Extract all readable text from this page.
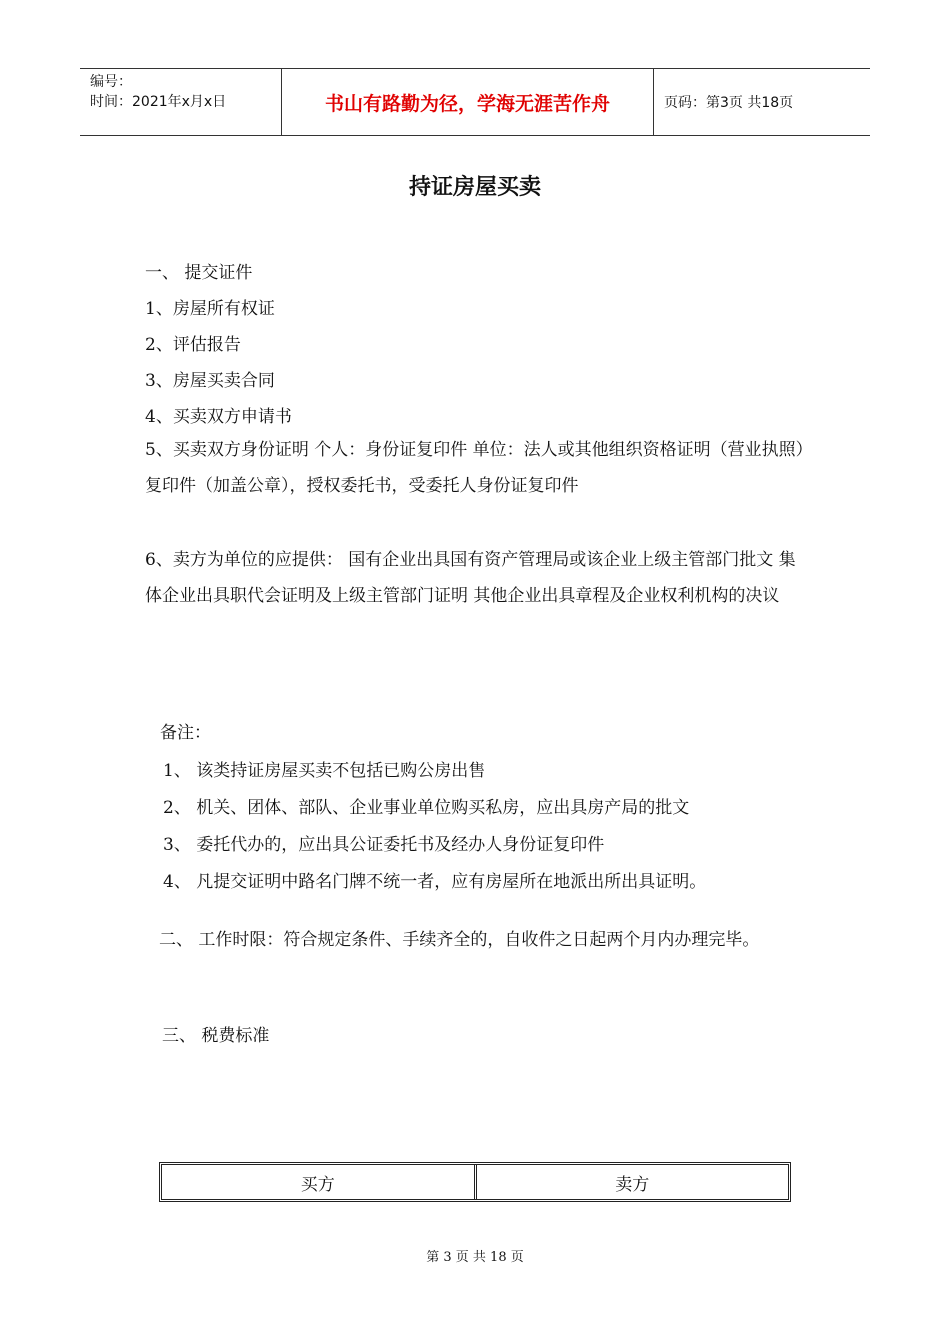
编号：
时间：2021年x月x日	书山有路勤为径，学海无涯苦作舟	页码：第3页 共18页
持证房屋买卖
一、 提交证件
1、房屋所有权证
2、评估报告
3、房屋买卖合同
4、买卖双方申请书
5、买卖双方身份证明 个人：身份证复印件 单位：法人或其他组织资格证明（营业执照）复印件（加盖公章），授权委托书，受委托人身份证复印件
6、卖方为单位的应提供： 国有企业出具国有资产管理局或该企业上级主管部门批文 集体企业出具职代会证明及上级主管部门证明 其他企业出具章程及企业权利机构的决议
备注：
1、 该类持证房屋买卖不包括已购公房出售
2、 机关、团体、部队、企业事业单位购买私房，应出具房产局的批文
3、 委托代办的，应出具公证委托书及经办人身份证复印件
4、 凡提交证明中路名门牌不统一者，应有房屋所在地派出所出具证明。
二、 工作时限：符合规定条件、手续齐全的，自收件之日起两个月内办理完毕。
三、 税费标准
买方	卖方
第 3 页 共 18 页
